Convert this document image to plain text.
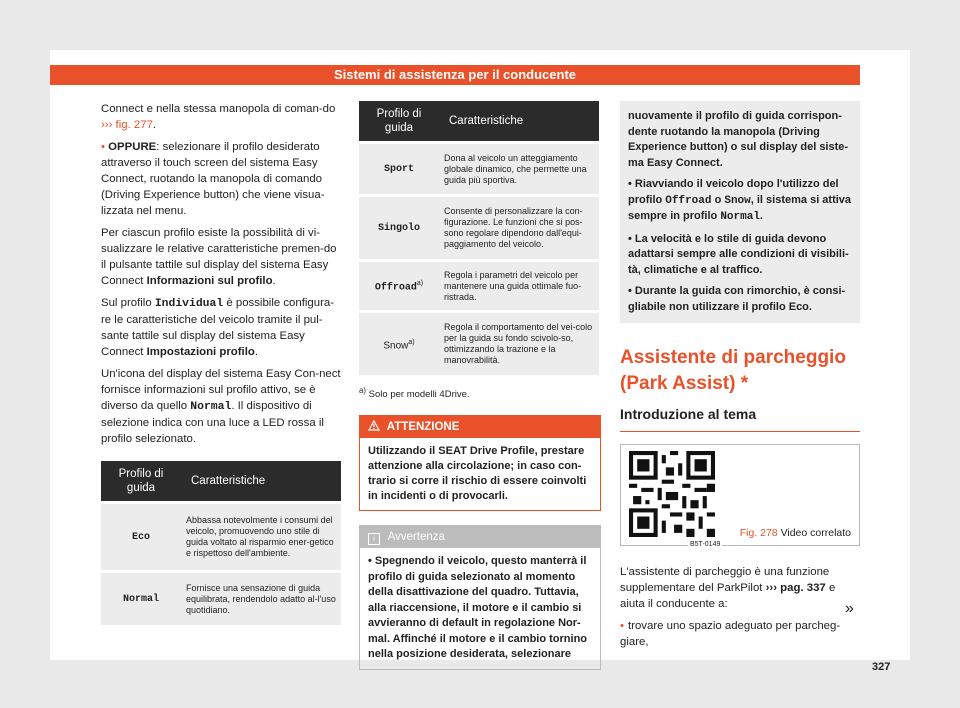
Sistemi di assistenza per il conducente

Connect e nella stessa manopola di coman-do ››› fig. 277.

• OPPURE: selezionare il profilo desiderato attraverso il touch screen del sistema Easy Connect, ruotando la manopola di comando (Driving Experience button) che viene visua-lizzata nel menu.

Per ciascun profilo esiste la possibilità di vi-sualizzare le relative caratteristiche premen-do il pulsante tattile sul display del sistema Easy Connect Informazioni sul profilo.

Sul profilo Individual è possibile configura-re le caratteristiche del veicolo tramite il pul-sante tattile sul display del sistema Easy Connect Impostazioni profilo.

Un'icona del display del sistema Easy Con-nect fornisce informazioni sul profilo attivo, se è diverso da quello Normal. Il dispositivo di selezione indica con una luce a LED rossa il profilo selezionato.

Profilo di guida	Caratteristiche
Eco	Abbassa notevolmente i consumi del veicolo, promuovendo uno stile di guida voltato al risparmio ener-getico e rispettoso dell'ambiente.
Normal	Fornisce una sensazione di guida equilibrata, rendendolo adatto al-l'uso quotidiano.
Profilo di guida	Caratteristiche
Sport	Dona al veicolo un atteggiamento globale dinamico, che permette una guida più sportiva.
Singolo	Consente di personalizzare la con-figurazione. Le funzioni che si pos-sono regolare dipendono dall'equi-paggiamento del veicolo.
Offroad$^{a)}$	Regola i parametri del veicolo per mantenere una guida ottimale fuo-ristrada.
Snow$^{a)}$	Regola il comportamento del vei-colo per la guida su fondo scivolo-so, ottimizzando la trazione e la manovrabilità.
$^{a)}$ Solo per modelli 4Drive.
ATTENZIONE
Utilizzando il SEAT Drive Profile, prestare attenzione alla circolazione; in caso con-trario si corre il rischio di essere coinvolti in incidenti o di provocarli.
i Avvertenza
• Spegnendo il veicolo, questo manterrà il profilo di guida selezionato al momento della disattivazione del quadro. Tuttavia, alla riaccensione, il motore e il cambio si avvieranno di default in regolazione Nor-mal. Affinché il motore e il cambio tornino nella posizione desiderata, selezionare

nuovamente il profilo di guida corrispon-dente ruotando la manopola (Driving Experience button) o sul display del siste-ma Easy Connect.

• Riavviando il veicolo dopo l'utilizzo del profilo Offroad o Snow, il sistema si attiva sempre in profilo Normal.

• La velocità e lo stile di guida devono adattarsi sempre alle condizioni di visibili-tà, climatiche e al traffico.

• Durante la guida con rimorchio, è consi-gliabile non utilizzare il profilo Eco.

Assistente di parcheggio (Park Assist) *
Introduzione al tema
B5T-0149
Fig. 278 Video correlato

L'assistente di parcheggio è una funzione supplementare del ParkPilot ››› pag. 337 e aiuta il conducente a:

• trovare uno spazio adeguato per parcheg-giare,

»
327
